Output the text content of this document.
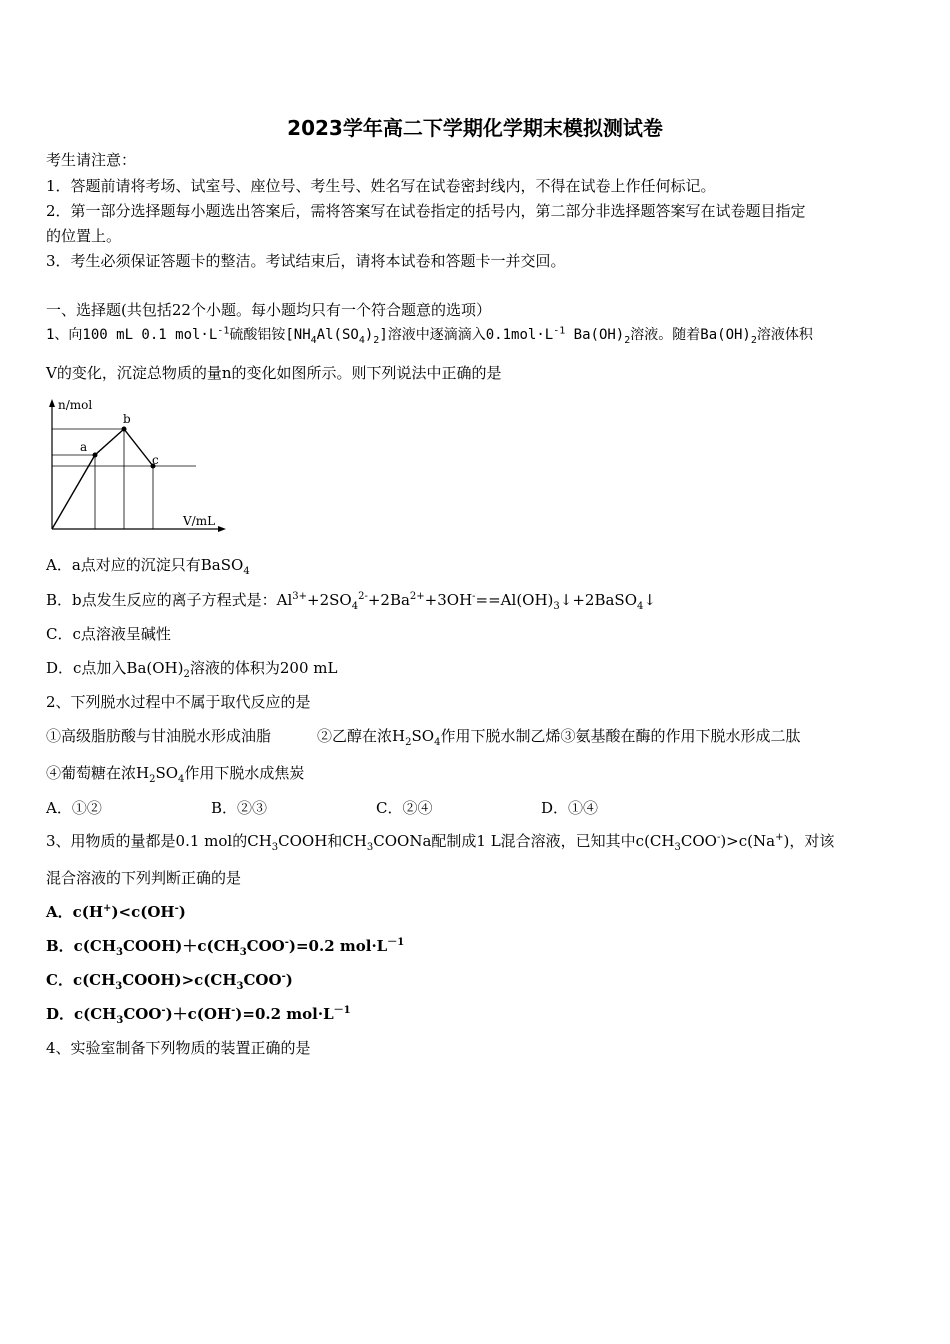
2023学年高二下学期化学期末模拟测试卷
考生请注意：
1．答题前请将考场、试室号、座位号、考生号、姓名写在试卷密封线内，不得在试卷上作任何标记。
2．第一部分选择题每小题选出答案后，需将答案写在试卷指定的括号内，第二部分非选择题答案写在试卷题目指定
的位置上。
3．考生必须保证答题卡的整洁。考试结束后，请将本试卷和答题卡一并交回。
一、选择题(共包括22个小题。每小题均只有一个符合题意的选项）
1、向100 mL 0.1 $mol\cdot L^{-1}$硫酸铝铵$[NH_4Al(SO_4)_2]$溶液中逐滴滴入$0.1mol\cdot L^{-1}$ $Ba(OH)_2$溶液。随着$Ba(OH)_2$溶液体积
V的变化，沉淀总物质的量n的变化如图所示。则下列说法中正确的是
n/mol
V/mL
a
b
c
A．a点对应的沉淀只有BaSO$_4$
B．b点发生反应的离子方程式是：$Al^{3+}+2SO_4^{2-}+2Ba^{2+}+3OH^-==Al(OH)_3↓+2BaSO_4↓$
C．c点溶液呈碱性
D．c点加入$Ba(OH)_2$溶液的体积为200 mL
2、下列脱水过程中不属于取代反应的是
①高级脂肪酸与甘油脱水形成油脂	②乙醇在浓$H_2SO_4$作用下脱水制乙烯③氨基酸在酶的作用下脱水形成二肽
④葡萄糖在浓$H_2SO_4$作用下脱水成焦炭
A．①②	B．②③	C．②④	D．①④
3、用物质的量都是0.1 mol的$CH_3COOH$和$CH_3COONa$配制成1 L混合溶液，已知其中$c(CH_3COO^-)>c(Na^+)$，对该
混合溶液的下列判断正确的是
A．c(H+)<c(OH-)
B．$c(CH_3COOH)+c(CH_3COO^-)=0.2$ $mol\cdot L^{-1}$
C．$c(CH_3COOH)>c(CH_3COO^-)$
D．$c(CH_3COO^-)+c(OH^-)=0.2$ $mol\cdot L^{-1}$
4、实验室制备下列物质的装置正确的是
